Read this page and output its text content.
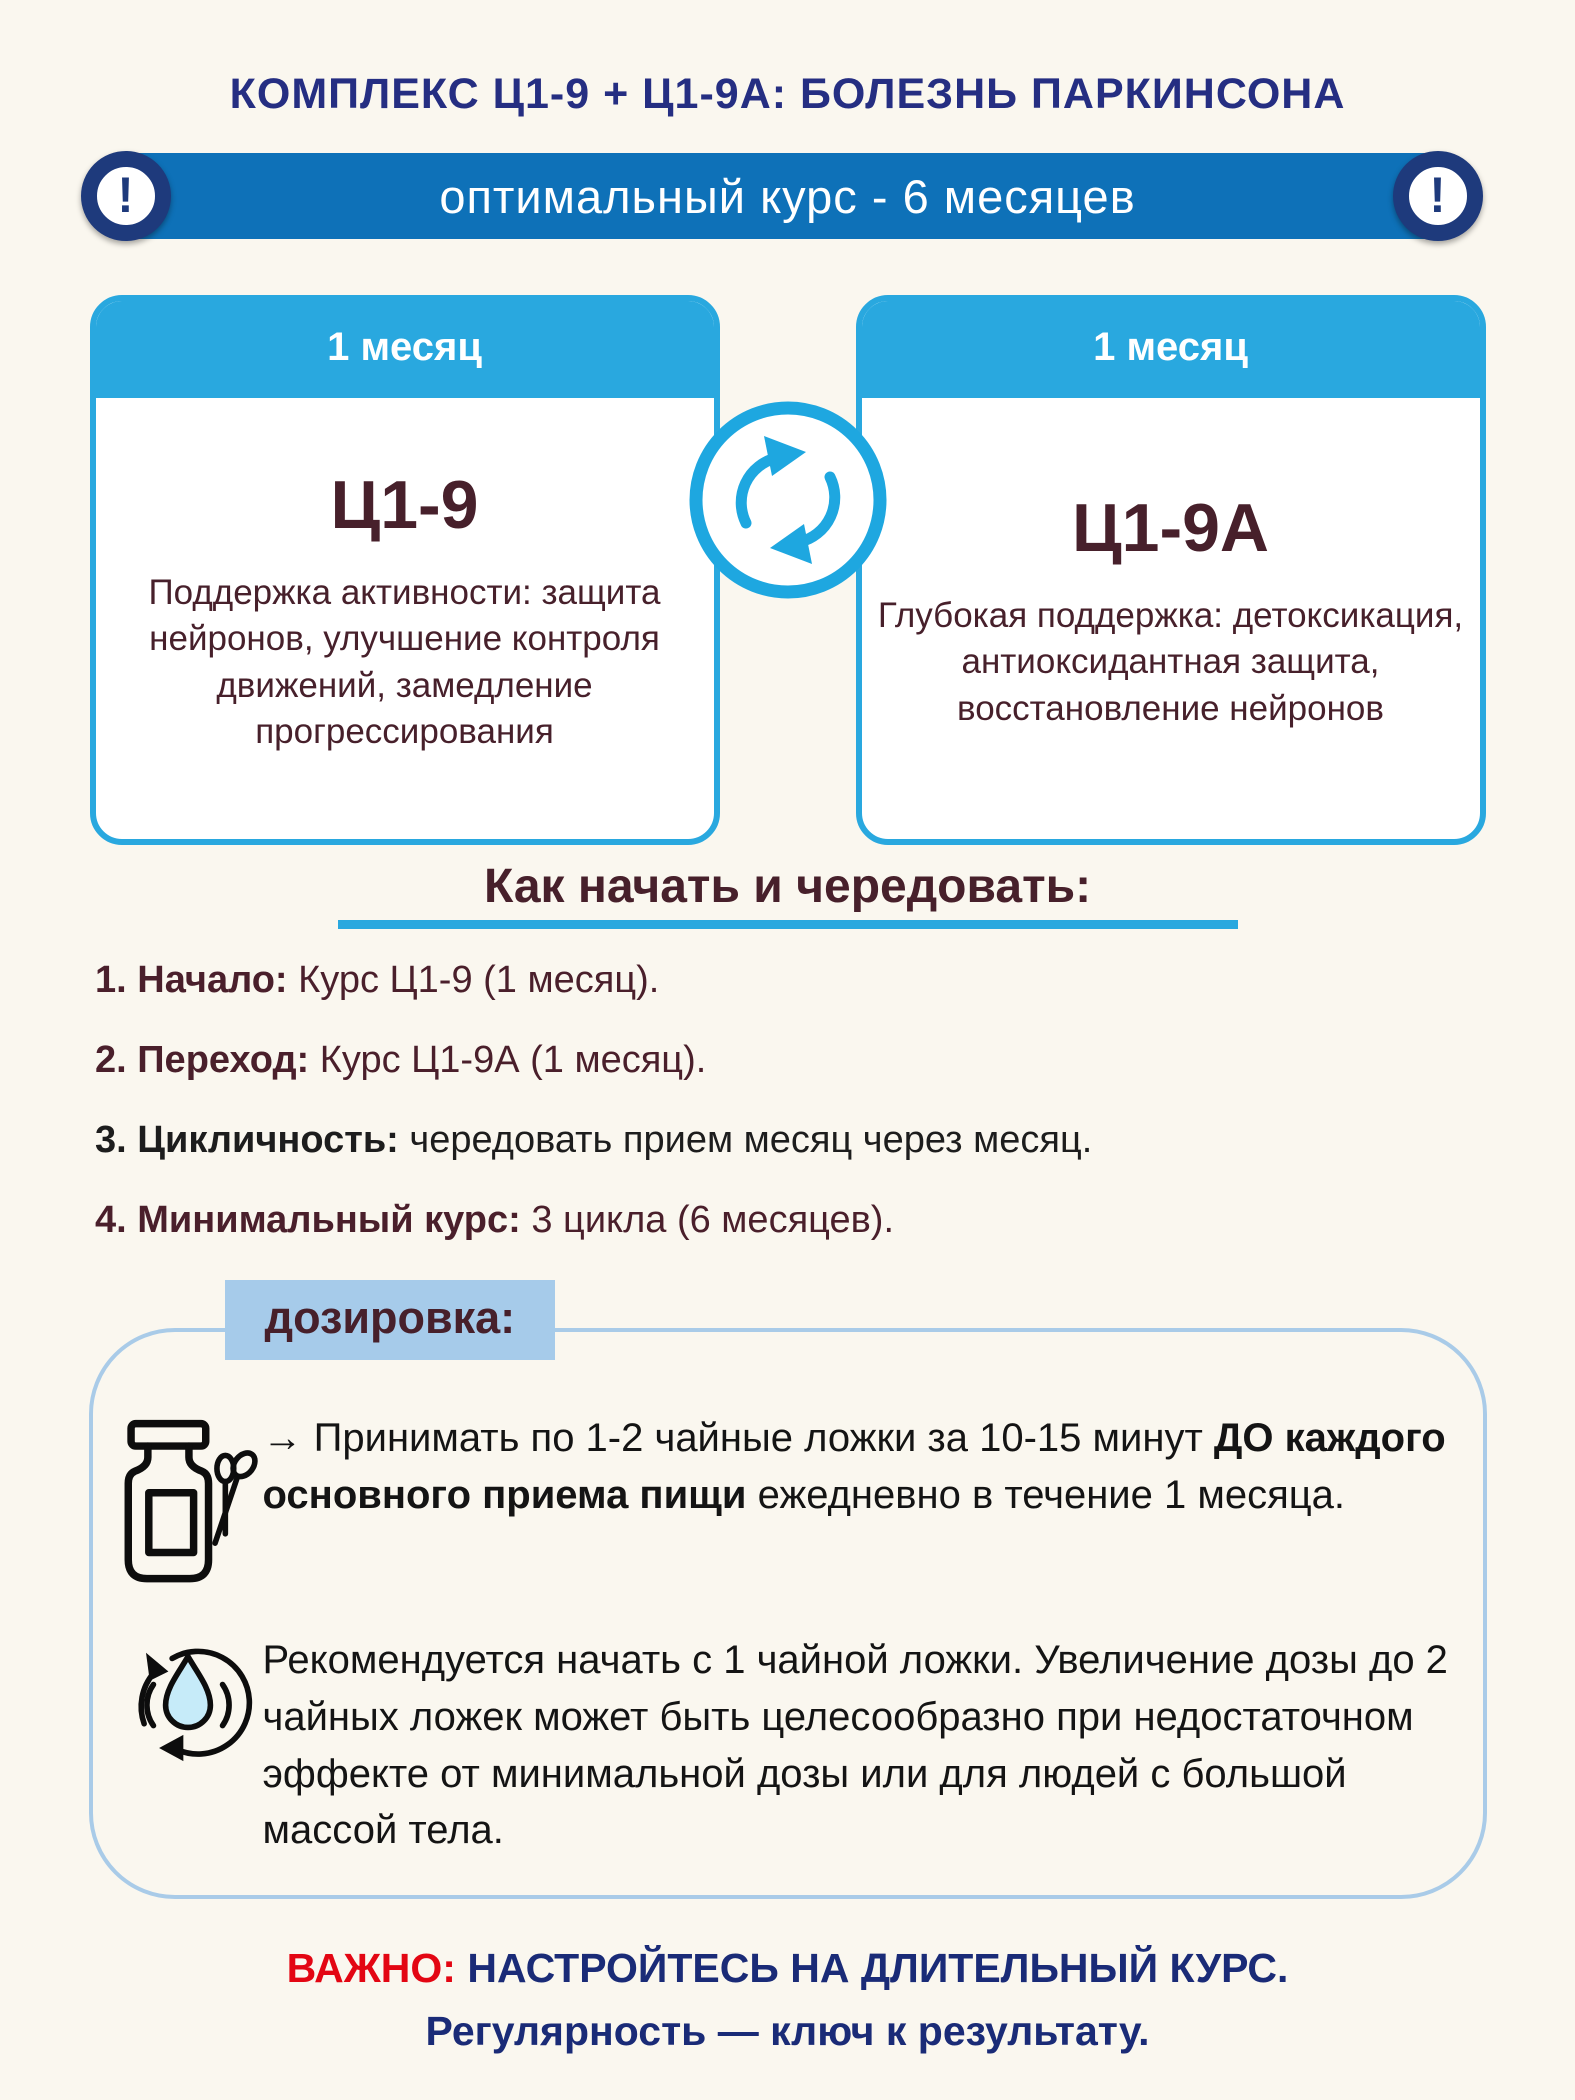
КОМПЛЕКС Ц1-9 + Ц1-9А: БОЛЕЗНЬ ПАРКИНСОНА
!	оптимальный курс - 6 месяцев	!
1 месяц
Ц1-9

Поддержка активности: защита нейронов, улучшение контроля движений, замедление прогрессирования

1 месяц
Ц1-9А

Глубокая поддержка: детоксикация, антиоксидантная защита, восстановление нейронов

Как начать и чередовать:
1. Начало: Курс Ц1-9 (1 месяц).
2. Переход: Курс Ц1-9А (1 месяц).
3. Цикличность: чередовать прием месяц через месяц.
4. Минимальный курс: 3 цикла (6 месяцев).
дозировка:

→ Принимать по 1-2 чайные ложки за 10-15 минут ДО каждого основного приема пищи ежедневно в течение 1 месяца.

Рекомендуется начать с 1 чайной ложки. Увеличение дозы до 2 чайных ложек может быть целесообразно при недостаточном эффекте от минимальной дозы или для людей с большой массой тела.

ВАЖНО: НАСТРОЙТЕСЬ НА ДЛИТЕЛЬНЫЙ КУРС.

Регулярность — ключ к результату.
